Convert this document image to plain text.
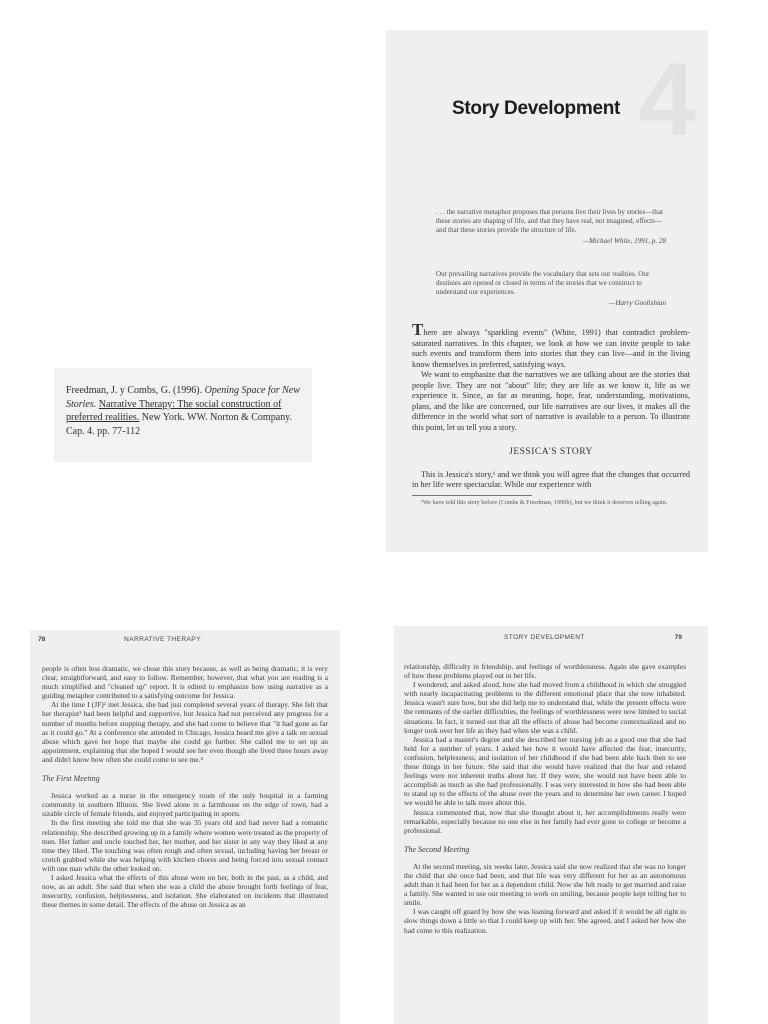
4
Story Development
. . . the narrative metaphor proposes that persons live their lives by stories—that these stories are shaping of life, and that they have real, not imagined, effects—and that these stories provide the structure of life.
—Michael White, 1991, p. 28
Our prevailing narratives provide the vocabulary that sets our realities. Our destinies are opened or closed in terms of the stories that we construct to understand our experiences.
—Harry Goolishian

There are always "sparkling events" (White, 1991) that contradict problem-saturated narratives. In this chapter, we look at how we can invite people to take such events and transform them into stories that they can live—and in the living know themselves in preferred, satisfying ways.

We want to emphasize that the narratives we are talking about are the stories that people live. They are not "about" life; they are life as we know it, life as we experience it. Since, as far as meaning, hope, fear, understanding, motivations, plans, and the like are concerned, our life narratives are our lives, it makes all the difference in the world what sort of narrative is available to a person. To illustrate this point, let us tell you a story.

JESSICA'S STORY

This is Jessica's story,¹ and we think you will agree that the changes that occurred in her life were spectacular. While our experience with

¹We have told this story before (Combs & Freedman, 1990b), but we think it deserves telling again.
Freedman, J. y Combs, G. (1996). Opening Space for New Stories. Narrative Therapy: The social construction of preferred realities. New York. WW. Norton & Company. Cap. 4. pp. 77-112
78	NARRATIVE THERAPY

people is often less dramatic, we chose this story because, as well as being dramatic, it is very clear, straightforward, and easy to follow. Remember, however, that what you are reading is a much simplified and "cleaned up" report. It is edited to emphasize how using narrative as a guiding metaphor contributed to a satisfying outcome for Jessica.

At the time I (JF)² met Jessica, she had just completed several years of therapy. She felt that her therapist³ had been helpful and supportive, but Jessica had not perceived any progress for a number of months before stopping therapy, and she had come to believe that "it had gone as far as it could go." At a conference she attended in Chicago, Jessica heard me give a talk on sexual abuse which gave her hope that maybe she could go further. She called me to set up an appointment, explaining that she hoped I would see her even though she lived three hours away and didn't know how often she could come to see me.⁴

The First Meeting

Jessica worked as a nurse in the emergency room of the only hospital in a farming community in southern Illinois. She lived alone in a farmhouse on the edge of town, had a sizable circle of female friends, and enjoyed participating in sports.

In the first meeting she told me that she was 35 years old and had never had a romantic relationship. She described growing up in a family where women were treated as the property of men. Her father and uncle touched her, her mother, and her sister in any way they liked at any time they liked. The touching was often rough and often sexual, including having her breast or crotch grabbed while she was helping with kitchen chores and being forced into sexual contact with one man while the other looked on.

I asked Jessica what the effects of this abuse were on her, both in the past, as a child, and now, as an adult. She said that when she was a child the abuse brought forth feelings of fear, insecurity, confusion, helplessness, and isolation. She elaborated on incidents that illustrated these themes in some detail. The effects of the abuse on Jessica as an

STORY DEVELOPMENT	79

relationship, difficulty in friendship, and feelings of worthlessness. Again she gave examples of how these problems played out in her life.

I wondered, and asked aloud, how she had moved from a childhood in which she struggled with nearly incapacitating problems to the different emotional place that she now inhabited. Jessica wasn't sure how, but she did help me to understand that, while the present effects were the remnants of the earlier difficulties, the feelings of worthlessness were now limited to social situations. In fact, it turned out that all the effects of abuse had become contextualized and no longer took over her life as they had when she was a child.

Jessica had a master's degree and she described her nursing job as a good one that she had held for a number of years. I asked her how it would have affected the fear, insecurity, confusion, helplessness, and isolation of her childhood if she had been able back then to see these things in her future. She said that she would have realized that the fear and related feelings were not inherent truths about her. If they were, she would not have been able to accomplish as much as she had professionally. I was very interested in how she had been able to stand up to the effects of the abuse over the years and to determine her own career. I hoped we would be able to talk more about this.

Jessica commented that, now that she thought about it, her accomplishments really were remarkable, especially because no one else in her family had ever gone to college or become a professional.

The Second Meeting

At the second meeting, six weeks later, Jessica said she now realized that she was no longer the child that she once had been, and that life was very different for her as an autonomous adult than it had been for her as a dependent child. Now she felt ready to get married and raise a family. She wanted to use our meeting to work on smiling, because people kept telling her to smile.

I was caught off guard by how she was leaning forward and asked if it would be all right to slow things down a little so that I could keep up with her. She agreed, and I asked her how she had come to this realization.
